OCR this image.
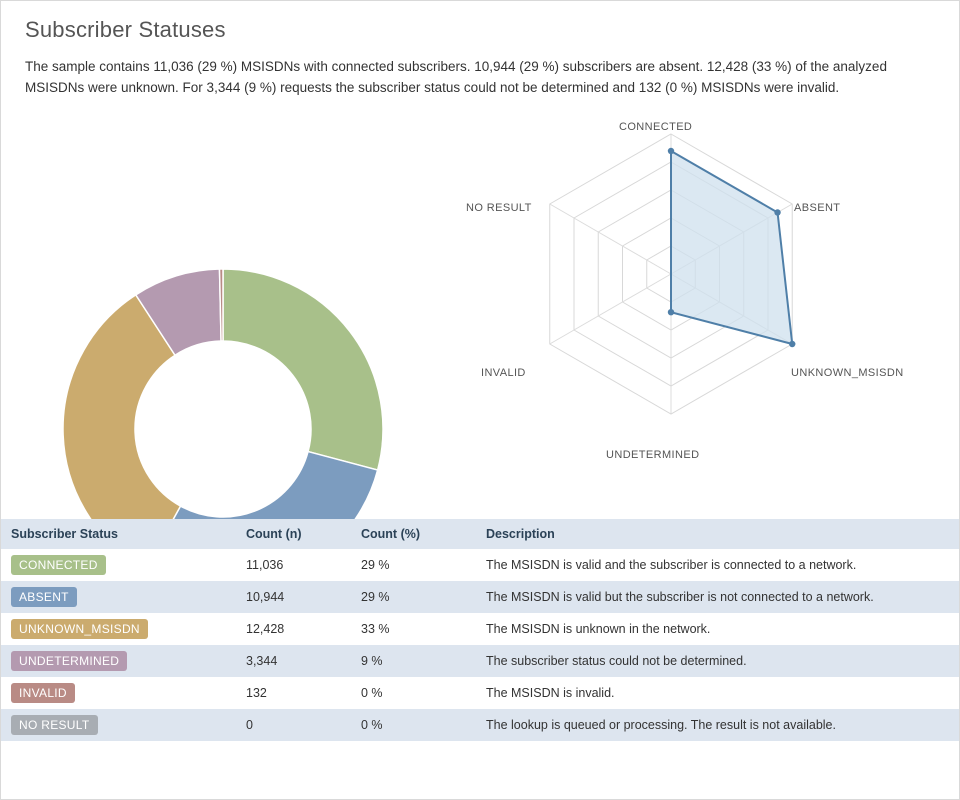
Subscriber Statuses
The sample contains 11,036 (29 %) MSISDNs with connected subscribers. 10,944 (29 %) subscribers are absent. 12,428 (33 %) of the analyzed MSISDNs were unknown. For 3,344 (9 %) requests the subscriber status could not be determined and 132 (0 %) MSISDNs were invalid.
CONNECTED
ABSENT
UNKNOWN_MSISDN
UNDETERMINED
INVALID
NO RESULT
Subscriber Status	Count (n)	Count (%)	Description
CONNECTED	11,036	29 %	The MSISDN is valid and the subscriber is connected to a network.
ABSENT	10,944	29 %	The MSISDN is valid but the subscriber is not connected to a network.
UNKNOWN_MSISDN	12,428	33 %	The MSISDN is unknown in the network.
UNDETERMINED	3,344	9 %	The subscriber status could not be determined.
INVALID	132	0 %	The MSISDN is invalid.
NO RESULT	0	0 %	The lookup is queued or processing. The result is not available.
